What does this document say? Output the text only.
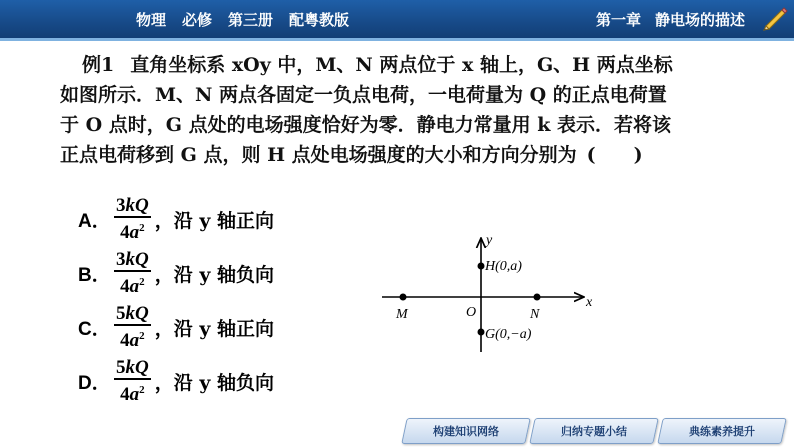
物理 必修 第三册 配粤教版	第一章 静电场的描述

例1 直角坐标系 xOy 中，M、N 两点位于 x 轴上，G、H 两点坐标

如图所示．M、N 两点各固定一负点电荷，一电荷量为 Q 的正点电荷置

于 O 点时，G 点处的电场强度恰好为零．静电力常量用 k 表示．若将该

正点电荷移到 G 点，则 H 点处电场强度的大小和方向分别为 (　　)

A． $\frac{3kQ}{4a^2}$ ，沿 y 轴正向
B． $\frac{3kQ}{4a^2}$ ，沿 y 轴负向
C． $\frac{5kQ}{4a^2}$ ，沿 y 轴正向
D． $\frac{5kQ}{4a^2}$ ，沿 y 轴负向
x
y
M	N
O
H(0,a)
G(0,−a)
构建知识网络	归纳专题小结	典练素养提升
